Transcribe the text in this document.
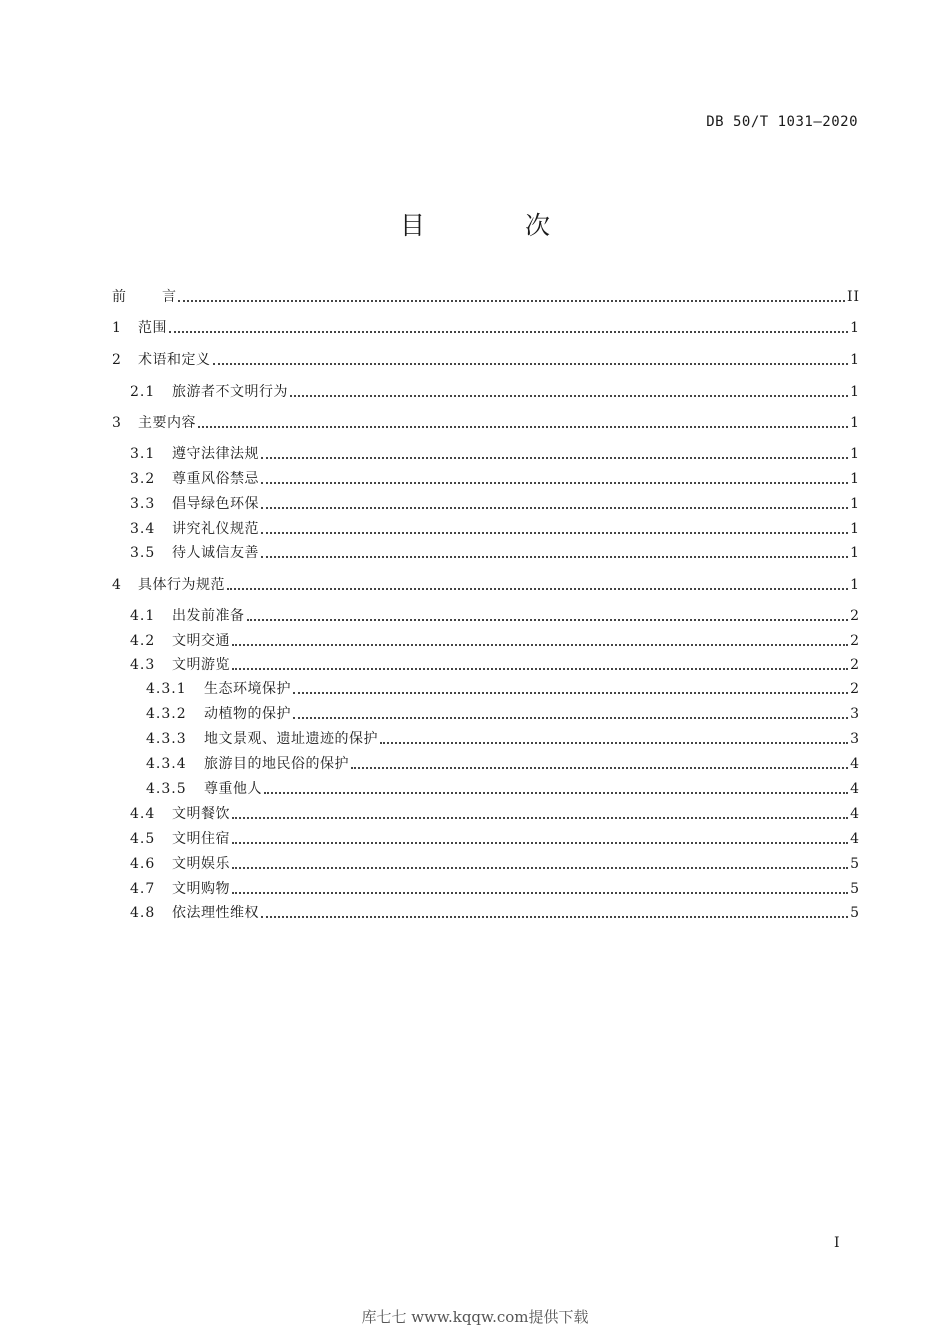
DB 50/T 1031—2020
目 次
前	言	II
1	范围	1
2	术语和定义	1
2.1	旅游者不文明行为	1
3	主要内容	1
3.1	遵守法律法规	1
3.2	尊重风俗禁忌	1
3.3	倡导绿色环保	1
3.4	讲究礼仪规范	1
3.5	待人诚信友善	1
4	具体行为规范	1
4.1	出发前准备	2
4.2	文明交通	2
4.3	文明游览	2
4.3.1	生态环境保护	2
4.3.2	动植物的保护	3
4.3.3	地文景观、遗址遗迹的保护	3
4.3.4	旅游目的地民俗的保护	4
4.3.5	尊重他人	4
4.4	文明餐饮	4
4.5	文明住宿	4
4.6	文明娱乐	5
4.7	文明购物	5
4.8	依法理性维权	5
I
库七七 www.kqqw.com提供下载
